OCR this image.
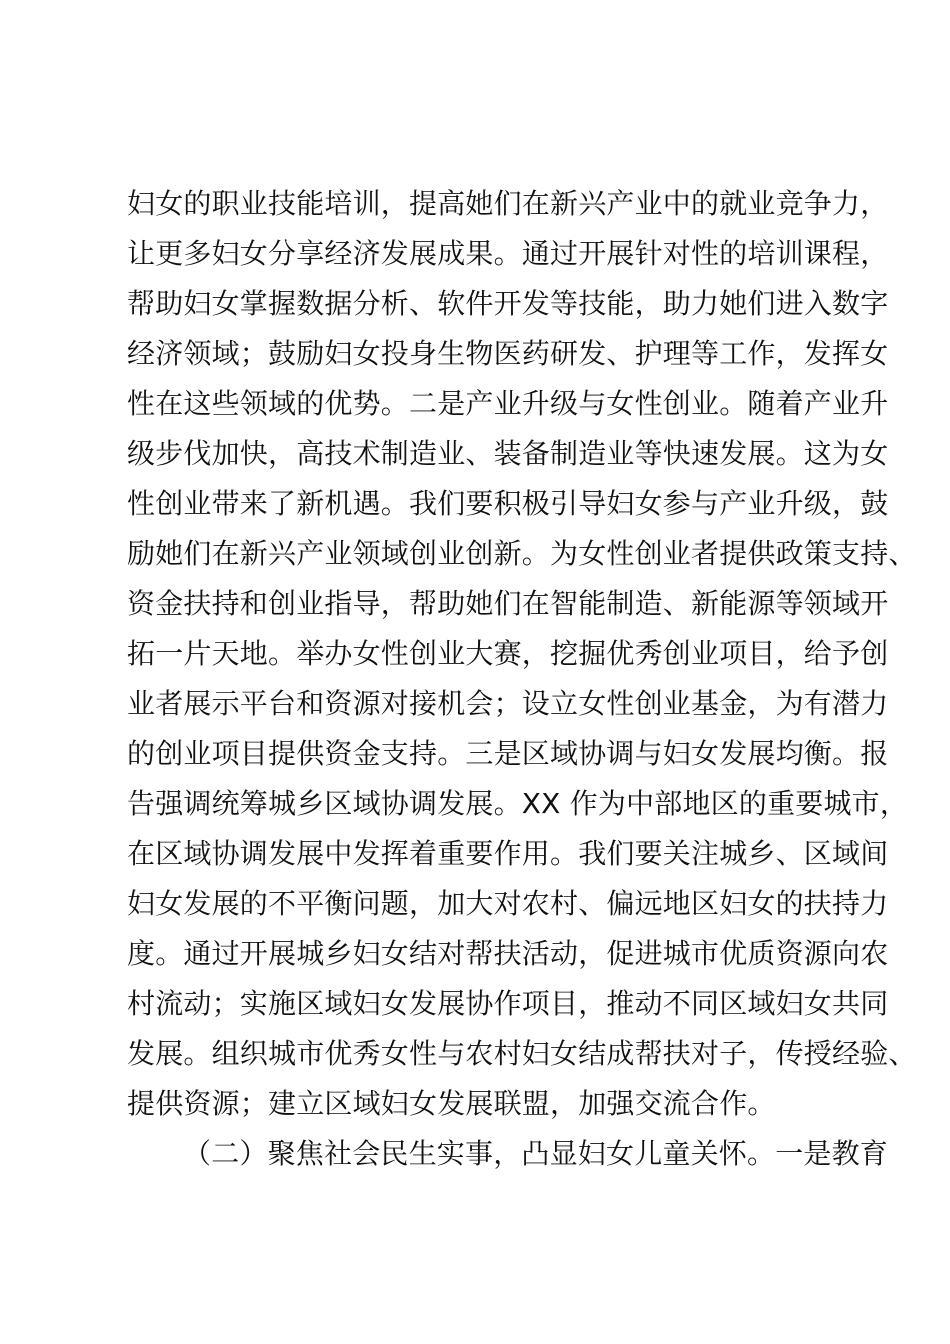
妇女的职业技能培训，提高她们在新兴产业中的就业竞争力，
让更多妇女分享经济发展成果。通过开展针对性的培训课程，
帮助妇女掌握数据分析、软件开发等技能，助力她们进入数字
经济领域；鼓励妇女投身生物医药研发、护理等工作，发挥女
性在这些领域的优势。二是产业升级与女性创业。随着产业升
级步伐加快，高技术制造业、装备制造业等快速发展。这为女
性创业带来了新机遇。我们要积极引导妇女参与产业升级，鼓
励她们在新兴产业领域创业创新。为女性创业者提供政策支持、
资金扶持和创业指导，帮助她们在智能制造、新能源等领域开
拓一片天地。举办女性创业大赛，挖掘优秀创业项目，给予创
业者展示平台和资源对接机会；设立女性创业基金，为有潜力
的创业项目提供资金支持。三是区域协调与妇女发展均衡。报
告强调统筹城乡区域协调发展。XX 作为中部地区的重要城市，
在区域协调发展中发挥着重要作用。我们要关注城乡、区域间
妇女发展的不平衡问题，加大对农村、偏远地区妇女的扶持力
度。通过开展城乡妇女结对帮扶活动，促进城市优质资源向农
村流动；实施区域妇女发展协作项目，推动不同区域妇女共同
发展。组织城市优秀女性与农村妇女结成帮扶对子，传授经验、
提供资源；建立区域妇女发展联盟，加强交流合作。
（二）聚焦社会民生实事，凸显妇女儿童关怀。一是教育
